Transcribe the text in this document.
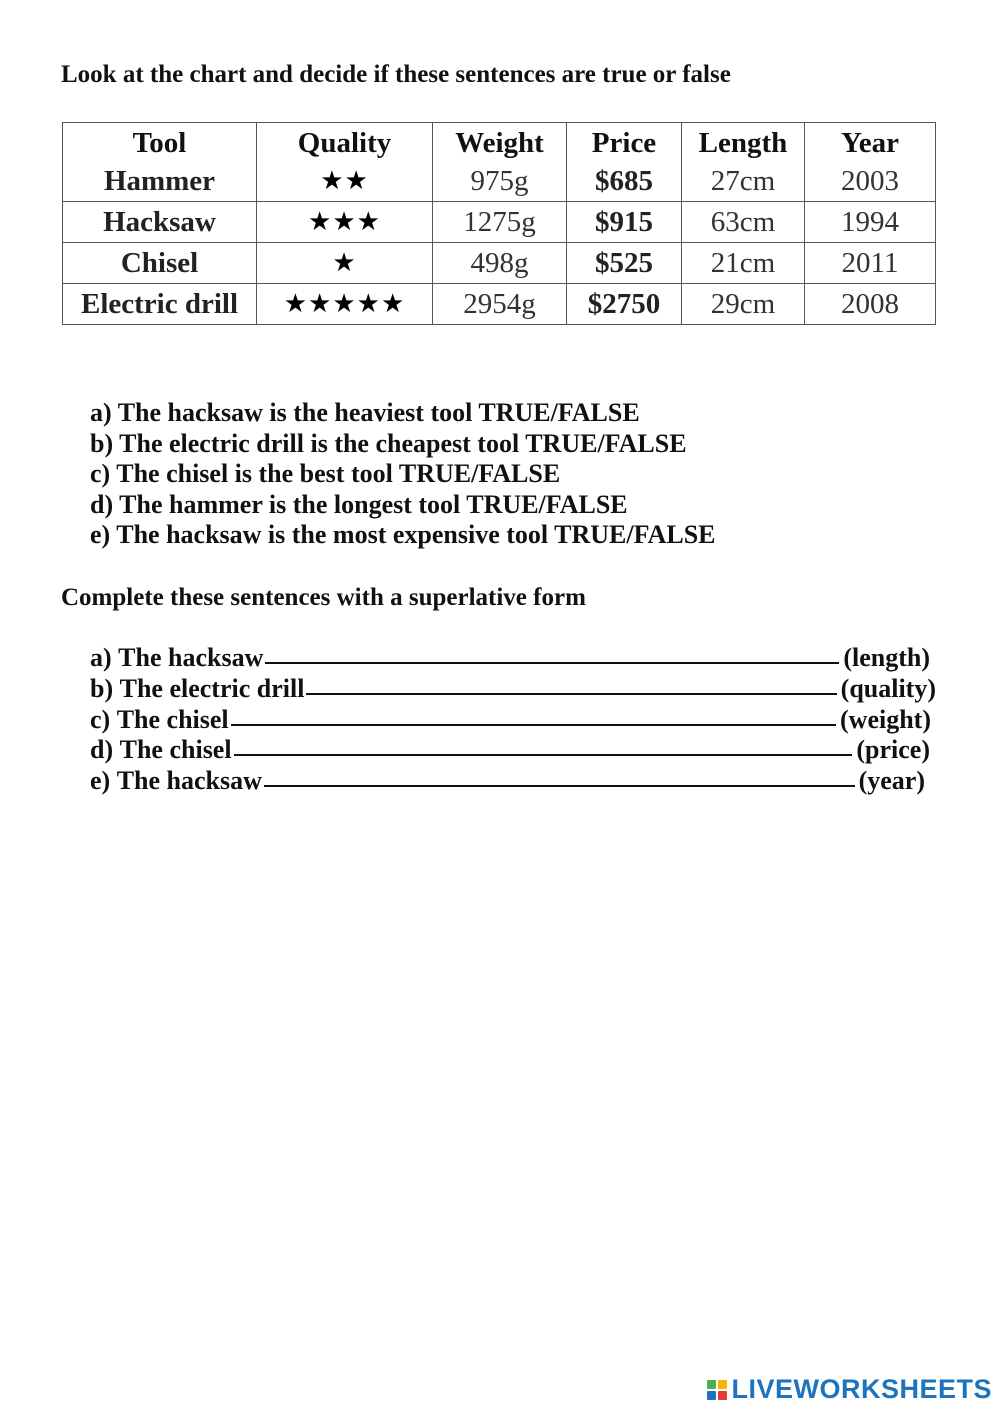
Look at the chart and decide if these sentences are true or false
Tool	Quality	Weight	Price	Length	Year
Hammer	★★	975g	$685	27cm	2003
Hacksaw	★★★	1275g	$915	63cm	1994
Chisel	★	498g	$525	21cm	2011
Electric drill	★★★★★	2954g	$2750	29cm	2008
a) The hacksaw is the heaviest tool TRUE/FALSE
b) The electric drill is the cheapest tool TRUE/FALSE
c) The chisel is the best tool TRUE/FALSE
d) The hammer is the longest tool TRUE/FALSE
e) The hacksaw is the most expensive tool TRUE/FALSE
Complete these sentences with a superlative form
a)
The hacksaw	(length)
b)
The electric drill	(quality)
c)
The chisel	(weight)
d)
The chisel	(price)
e)
The hacksaw	(year)
LIVEWORKSHEETS
